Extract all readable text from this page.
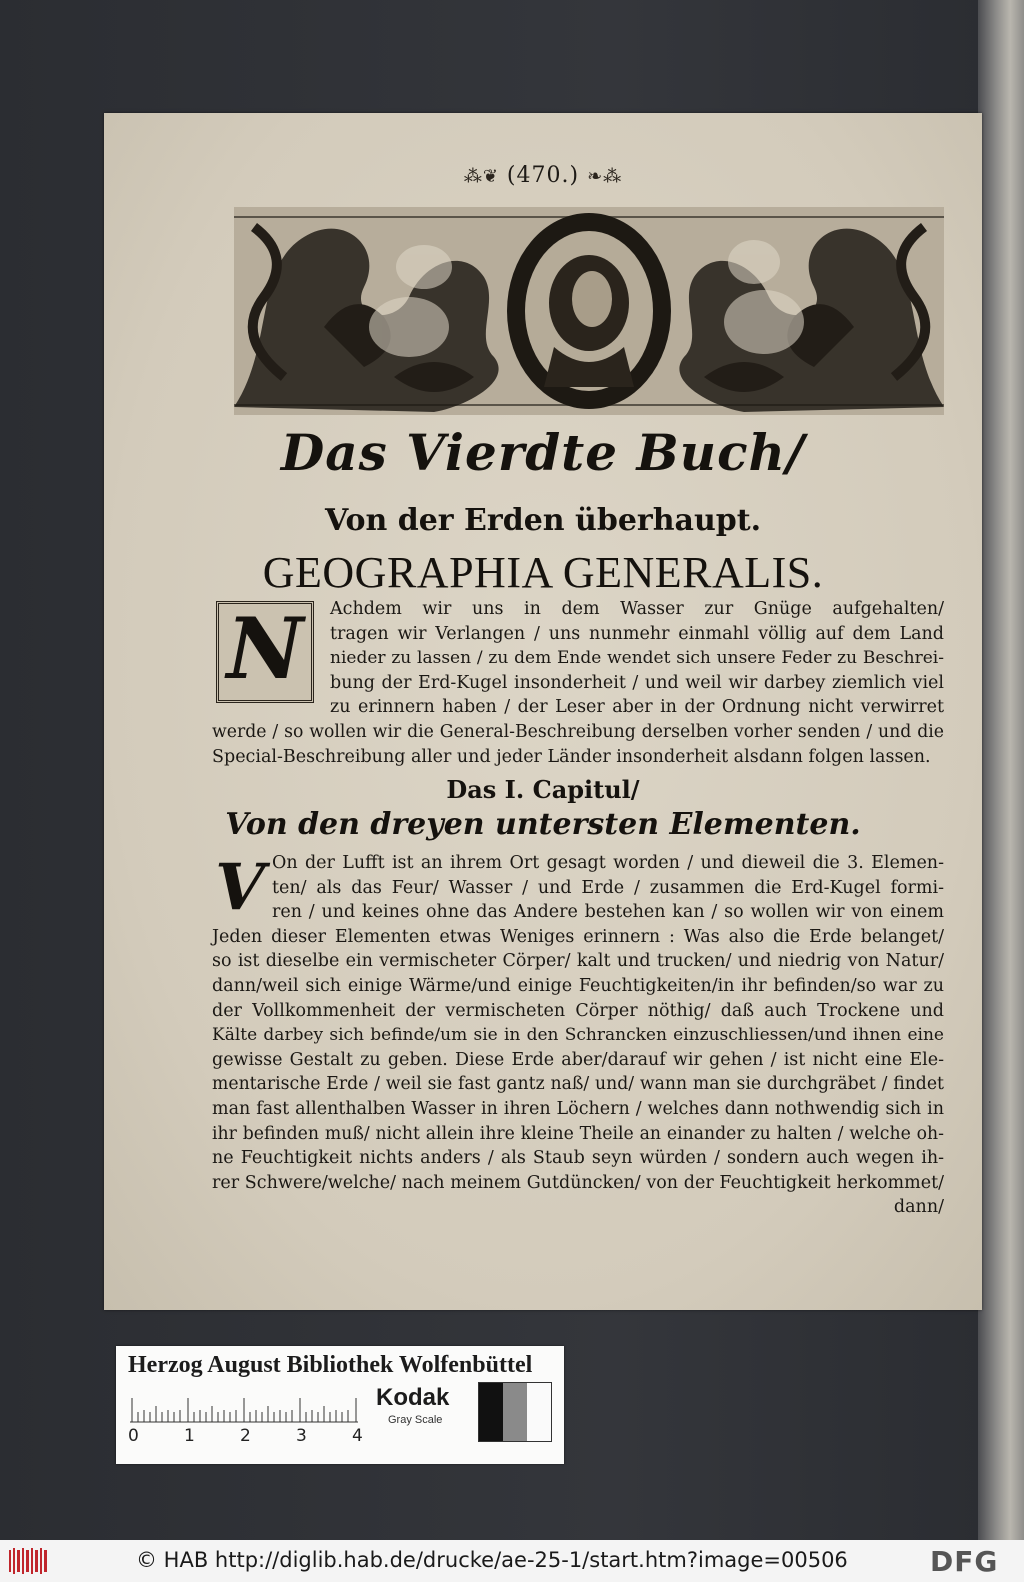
⁂❦ (470.) ❧⁂
Das Vierdte Buch/
Von der Erden überhaupt.
GEOGRAPHIA GENERALIS.
N	Achdem wir uns in dem Wasser zur Gnüge aufgehalten/
tragen wir Verlangen / uns nunmehr einmahl völlig auf dem Land
nieder zu lassen / zu dem Ende wendet sich unsere Feder zu Beschrei-
bung der Erd-Kugel insonderheit / und weil wir darbey ziemlich viel
zu erinnern haben / der Leser aber in der Ordnung nicht verwirret
werde / so wollen wir die General-Beschreibung derselben vorher senden / und die
Special-Beschreibung aller und jeder Länder insonderheit alsdann folgen lassen.
Das I. Capitul/
Von den dreyen untersten Elementen.
V On der Lufft ist an ihrem Ort gesagt worden / und dieweil die 3. Elemen-
ten/ als das Feur/ Wasser / und Erde / zusammen die Erd-Kugel formi-
ren / und keines ohne das Andere bestehen kan / so wollen wir von einem
Jeden dieser Elementen etwas Weniges erinnern : Was also die Erde belanget/
so ist dieselbe ein vermischeter Cörper/ kalt und trucken/ und niedrig von Natur/
dann/weil sich einige Wärme/und einige Feuchtigkeiten/in ihr befinden/so war zu
der Vollkommenheit der vermischeten Cörper nöthig/ daß auch Trockene und
Kälte darbey sich befinde/um sie in den Schrancken einzuschliessen/und ihnen eine
gewisse Gestalt zu geben. Diese Erde aber/darauf wir gehen / ist nicht eine Ele-
mentarische Erde / weil sie fast gantz naß/ und/ wann man sie durchgräbet / findet
man fast allenthalben Wasser in ihren Löchern / welches dann nothwendig sich in
ihr befinden muß/ nicht allein ihre kleine Theile an einander zu halten / welche oh-
ne Feuchtigkeit nichts anders / als Staub seyn würden / sondern auch wegen ih-
rer Schwere/welche/ nach meinem Gutdüncken/ von der Feuchtigkeit herkommet/
dann/
Herzog August Bibliothek Wolfenbüttel
0	1	2	3	4
Kodak
Gray Scale
© HAB http://diglib.hab.de/drucke/ae-25-1/start.htm?image=00506	DFG
